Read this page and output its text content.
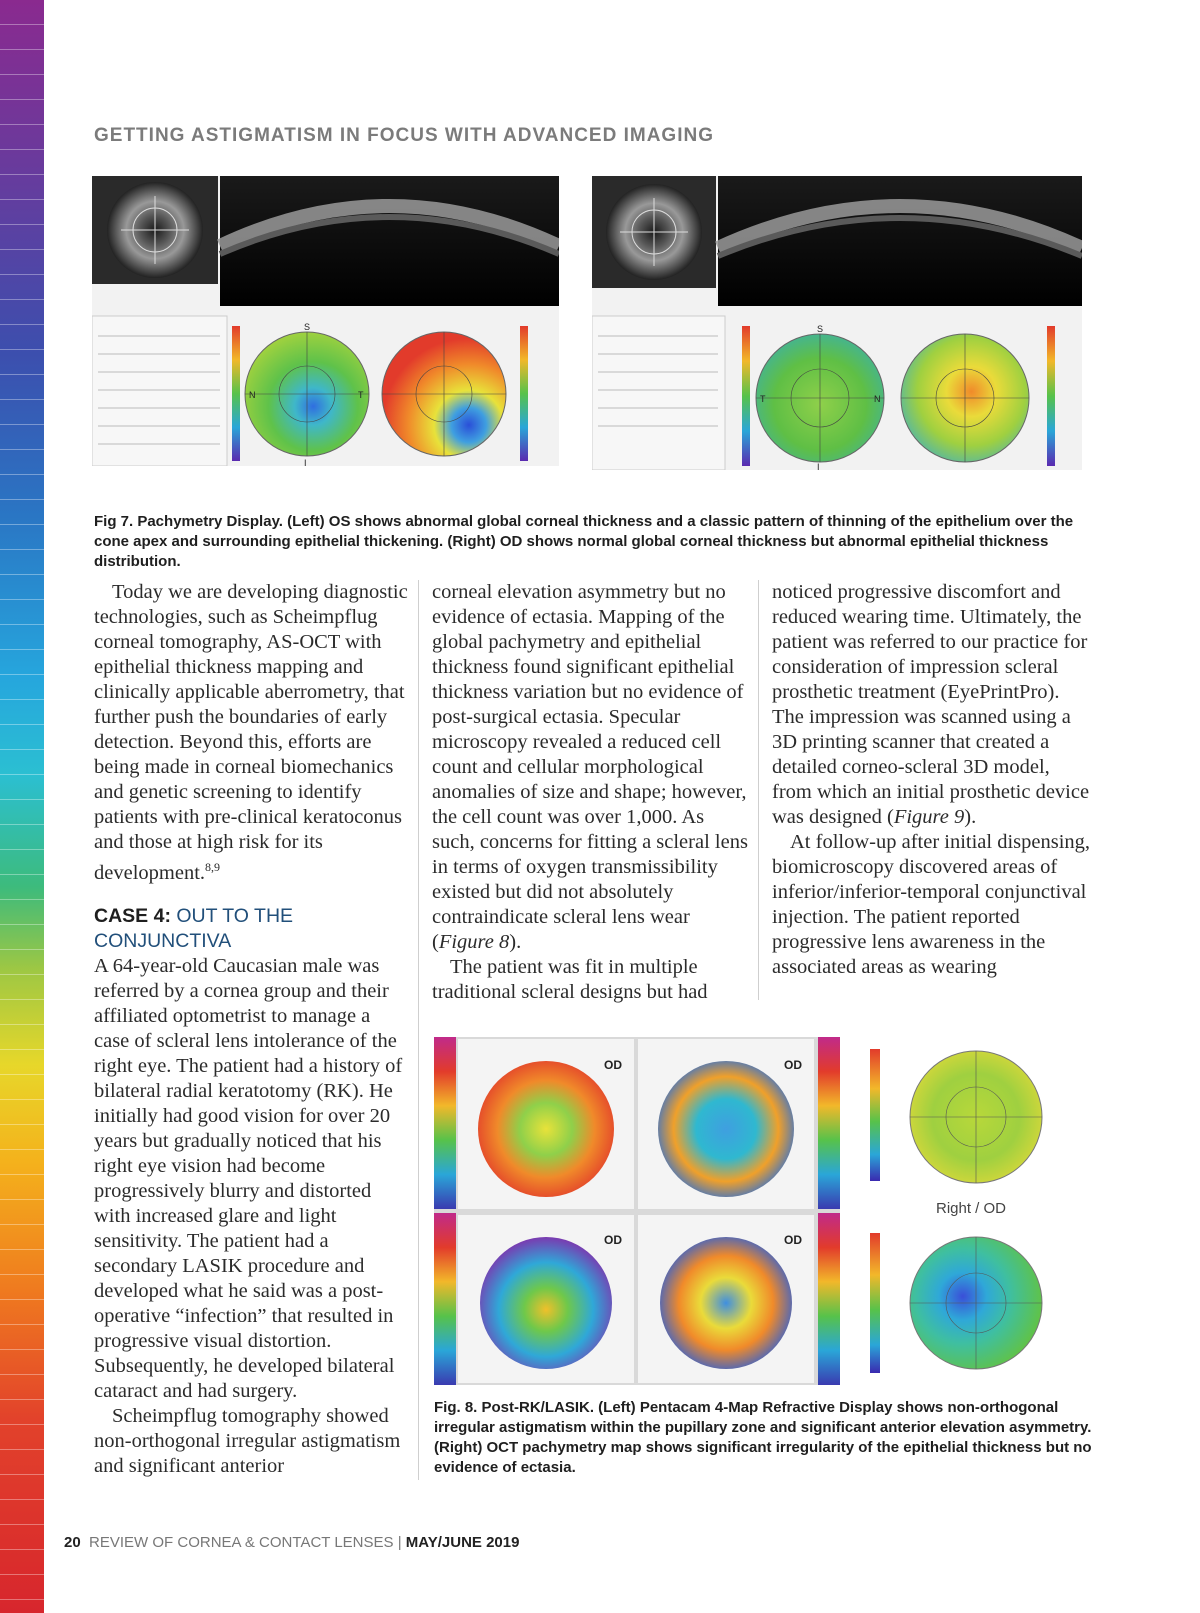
GETTING ASTIGMATISM IN FOCUS WITH ADVANCED IMAGING
S
I
N	T
S
I
T	N
Fig 7. Pachymetry Display. (Left) OS shows abnormal global corneal thickness and a classic pattern of thinning of the epithelium over the cone apex and surrounding epithelial thickening. (Right) OD shows normal global corneal thickness but abnormal epithelial thickness distribution.

Today we are developing diagnostic technologies, such as Scheimpflug corneal tomography, AS-OCT with epithelial thickness mapping and clinically applicable aberrometry, that further push the boundaries of early detection. Beyond this, efforts are being made in corneal biomechanics and genetic screening to identify patients with pre-clinical keratoconus and those at high risk for its development.$^{8,9}$

CASE 4: OUT TO THE CONJUNCTIVA

A 64-year-old Caucasian male was referred by a cornea group and their affiliated optometrist to manage a case of scleral lens intolerance of the right eye. The patient had a history of bilateral radial keratotomy (RK). He initially had good vision for over 20 years but gradually noticed that his right eye vision had become progressively blurry and distorted with increased glare and light sensitivity. The patient had a secondary LASIK procedure and developed what he said was a post-operative “infection” that resulted in progressive visual distortion. Subsequently, he developed bilateral cataract and had surgery.

Scheimpflug tomography showed non-orthogonal irregular astigmatism and significant anterior

corneal elevation asymmetry but no evidence of ectasia. Mapping of the global pachymetry and epithelial thickness found significant epithelial thickness variation but no evidence of post-surgical ectasia. Specular microscopy revealed a reduced cell count and cellular morphological anomalies of size and shape; however, the cell count was over 1,000. As such, concerns for fitting a scleral lens in terms of oxygen transmissibility existed but did not absolutely contraindicate scleral lens wear (Figure 8).

The patient was fit in multiple traditional scleral designs but had

noticed progressive discomfort and reduced wearing time. Ultimately, the patient was referred to our practice for consideration of impression scleral prosthetic treatment (EyePrintPro). The impression was scanned using a 3D printing scanner that created a detailed corneo-scleral 3D model, from which an initial prosthetic device was designed (Figure 9).

At follow-up after initial dispensing, biomicroscopy discovered areas of inferior/inferior-temporal conjunctival injection. The patient reported progressive lens awareness in the associated areas as wearing

OD	OD
OD	OD
Right / OD
Fig. 8. Post-RK/LASIK. (Left) Pentacam 4-Map Refractive Display shows non-orthogonal irregular astigmatism within the pupillary zone and significant anterior elevation asymmetry. (Right) OCT pachymetry map shows significant irregularity of the epithelial thickness but no evidence of ectasia.
20 REVIEW OF CORNEA & CONTACT LENSES | MAY/JUNE 2019
